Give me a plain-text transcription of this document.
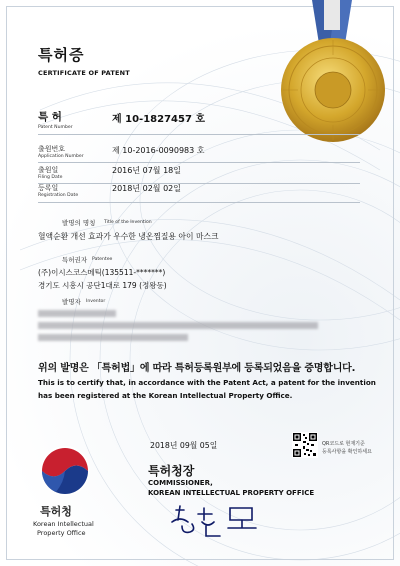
특허증
CERTIFICATE OF PATENT
특 허
Patent Number
제 10-1827457 호
출원번호
Application Number
제 10-2016-0090983 호
출원일
Filing Date
2016년 07월 18일
등록일
Registration Date
2018년 02월 02일
발명의 명칭 Title of the Invention
혈액순환 개선 효과가 우수한 냉온찜질용 아이 마스크
특허권자 Patentee
(주)이시스코스메틱(135511-*******)
경기도 시흥시 공단1대로 179 (정왕동)
발명자 Inventor
위의 발명은 「특허법」에 따라 특허등록원부에 등록되었음을 증명합니다.
This is to certify that, in accordance with the Patent Act, a patent for the invention
has been registered at the Korean Intellectual Property Office.
2018년 09월 05일	QR코드로 현재기준
등록사항을 확인하세요
특허청장
COMMISSIONER,
KOREAN INTELLECTUAL PROPERTY OFFICE
특허청
Korean Intellectual
Property Office
